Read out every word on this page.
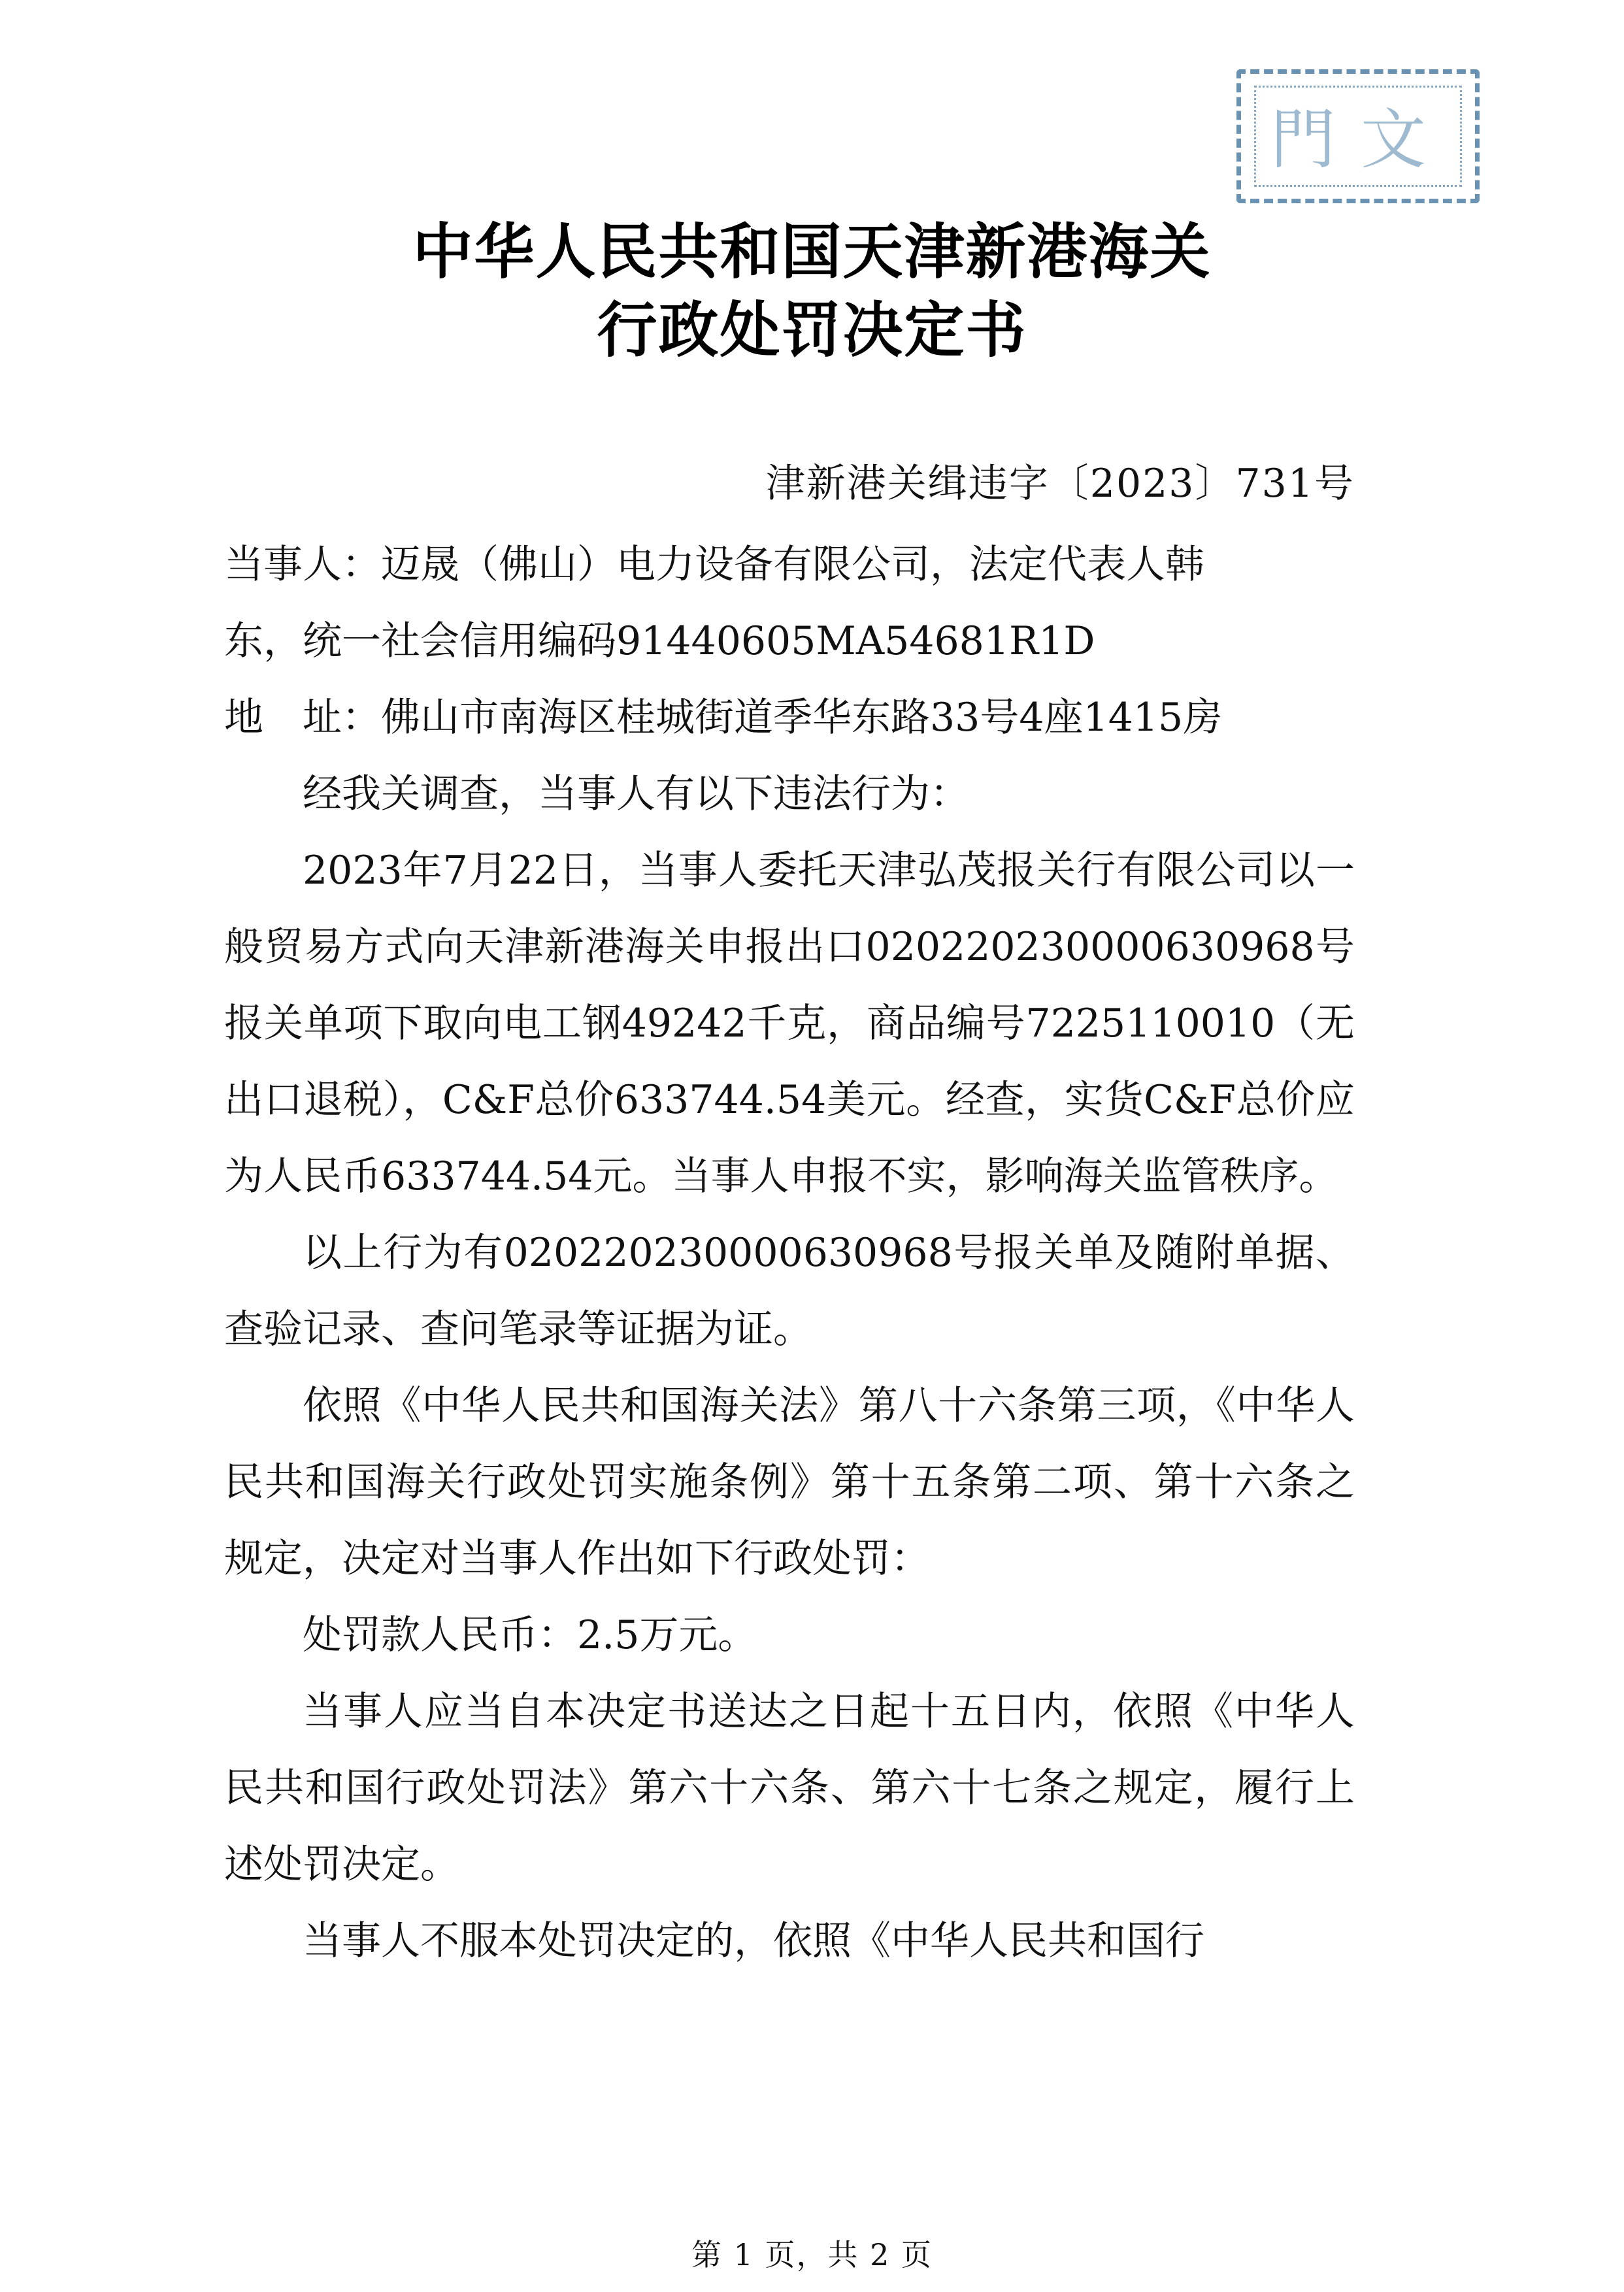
門 文
中华人民共和国天津新港海关
行政处罚决定书
津新港关缉违字〔2023〕731号

当事人：迈晟（佛山）电力设备有限公司，法定代表人韩

东，统一社会信用编码91440605MA54681R1D

地　址：佛山市南海区桂城街道季华东路33号4座1415房

经我关调查，当事人有以下违法行为：

2023年7月22日，当事人委托天津弘茂报关行有限公司以一般贸易方式向天津新港海关申报出口020220230000630968号报关单项下取向电工钢49242千克，商品编号7225110010（无出口退税），C&F总价633744.54美元。经查，实货C&F总价应为人民币633744.54元。当事人申报不实，影响海关监管秩序。

以上行为有020220230000630968号报关单及随附单据、查验记录、查问笔录等证据为证。

依照《中华人民共和国海关法》第八十六条第三项，《中华人民共和国海关行政处罚实施条例》第十五条第二项、第十六条之规定，决定对当事人作出如下行政处罚：

处罚款人民币：2.5万元。

当事人应当自本决定书送达之日起十五日内，依照《中华人民共和国行政处罚法》第六十六条、第六十七条之规定，履行上述处罚决定。

当事人不服本处罚决定的，依照《中华人民共和国行

第 1 页，共 2 页
